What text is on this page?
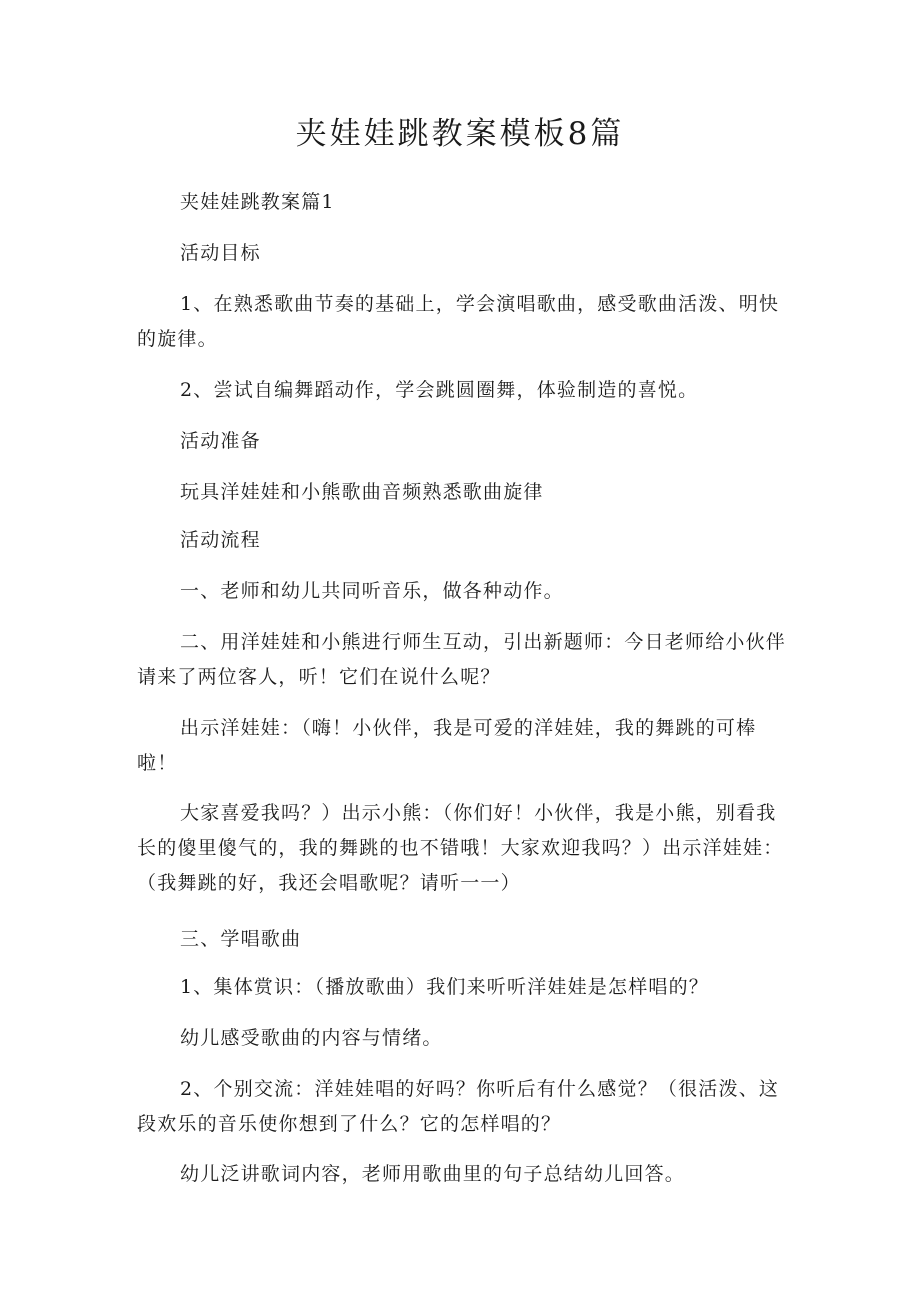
夹娃娃跳教案模板8篇

夹娃娃跳教案篇1

活动目标

1、在熟悉歌曲节奏的基础上，学会演唱歌曲，感受歌曲活泼、明快的旋律。

2、尝试自编舞蹈动作，学会跳圆圈舞，体验制造的喜悦。

活动准备

玩具洋娃娃和小熊歌曲音频熟悉歌曲旋律

活动流程

一、老师和幼儿共同听音乐，做各种动作。

二、用洋娃娃和小熊进行师生互动，引出新题师：今日老师给小伙伴请来了两位客人，听！它们在说什么呢？

出示洋娃娃：（嗨！小伙伴，我是可爱的洋娃娃，我的舞跳的可棒啦！

大家喜爱我吗？）出示小熊：（你们好！小伙伴，我是小熊，别看我长的傻里傻气的，我的舞跳的也不错哦！大家欢迎我吗？）出示洋娃娃：（我舞跳的好，我还会唱歌呢？请听一一）

三、学唱歌曲

1、集体赏识：（播放歌曲）我们来听听洋娃娃是怎样唱的？

幼儿感受歌曲的内容与情绪。

2、个别交流：洋娃娃唱的好吗？你听后有什么感觉？（很活泼、这段欢乐的音乐使你想到了什么？它的怎样唱的？

幼儿泛讲歌词内容，老师用歌曲里的句子总结幼儿回答。
